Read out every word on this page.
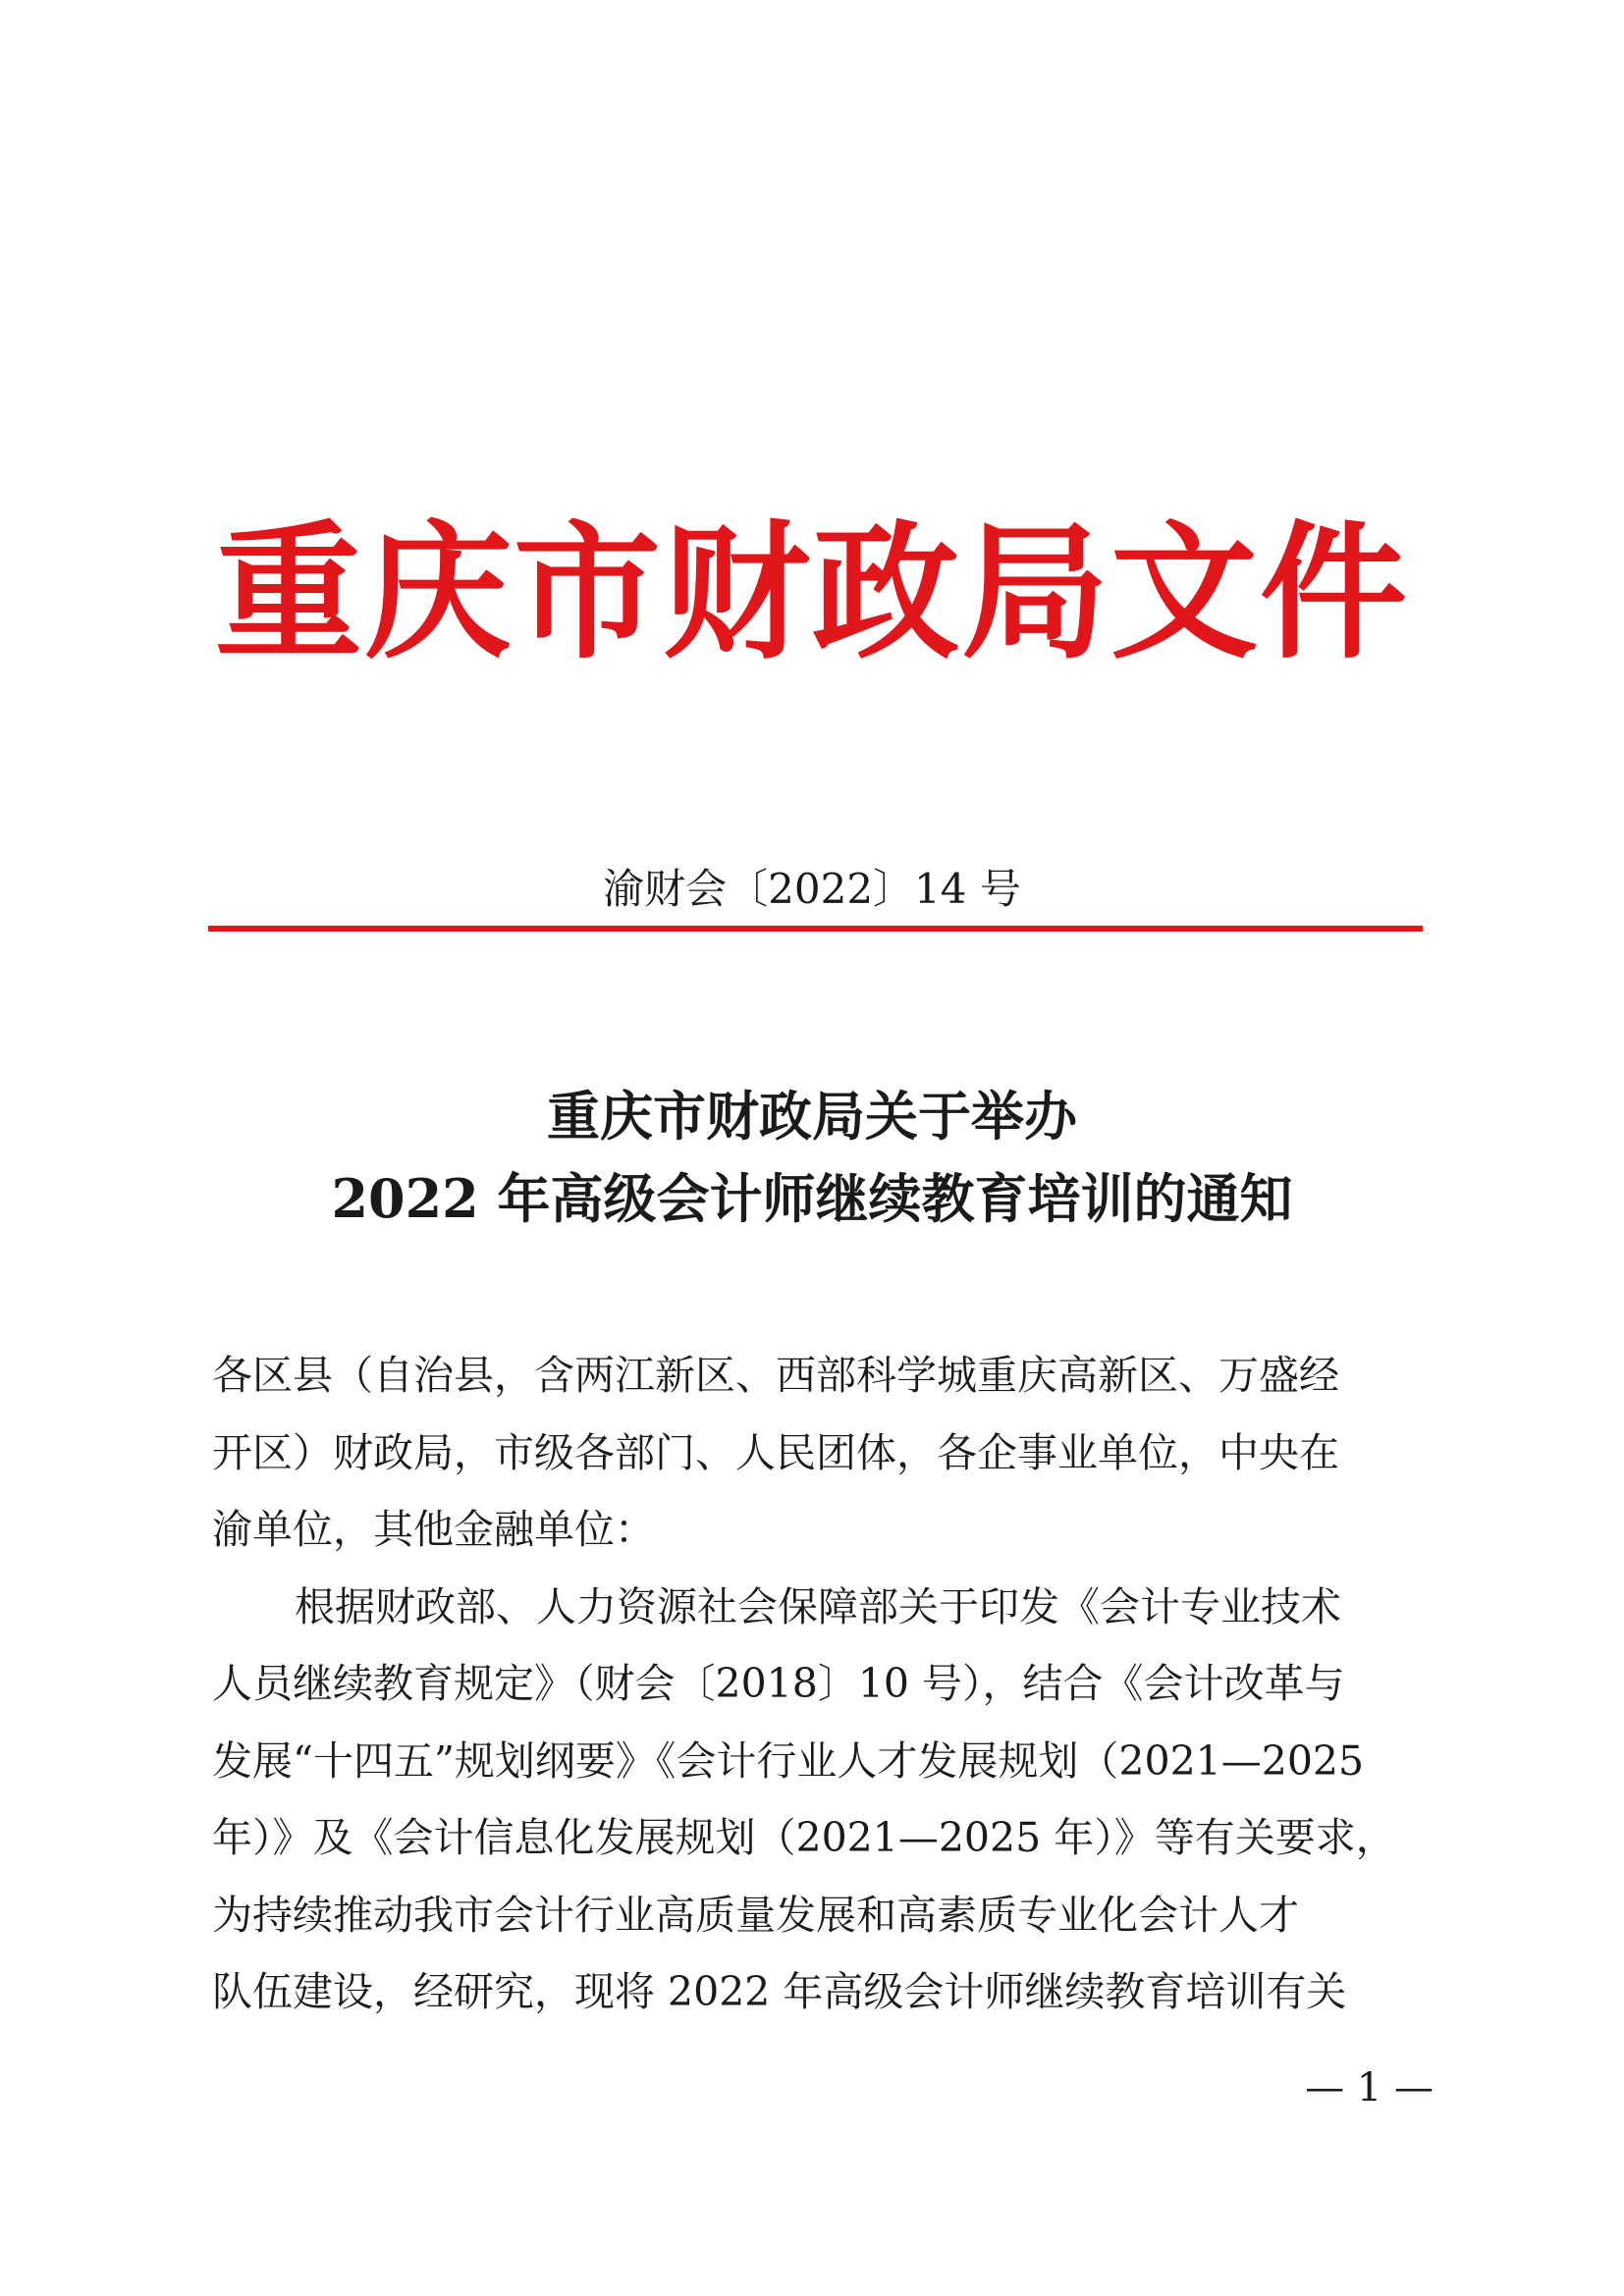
重庆市财政局文件
渝财会〔2022〕14 号
重庆市财政局关于举办
2022 年高级会计师继续教育培训的通知
各区县（自治县，含两江新区、西部科学城重庆高新区、万盛经
开区）财政局，市级各部门、人民团体，各企事业单位，中央在
渝单位，其他金融单位：
根据财政部、人力资源社会保障部关于印发《会计专业技术
人员继续教育规定》（财会〔2018〕10 号），结合《会计改革与
发展“十四五”规划纲要》《会计行业人才发展规划（2021—2025
年）》及《会计信息化发展规划（2021—2025 年）》等有关要求，
为持续推动我市会计行业高质量发展和高素质专业化会计人才
队伍建设，经研究，现将 2022 年高级会计师继续教育培训有关
— 1 —
